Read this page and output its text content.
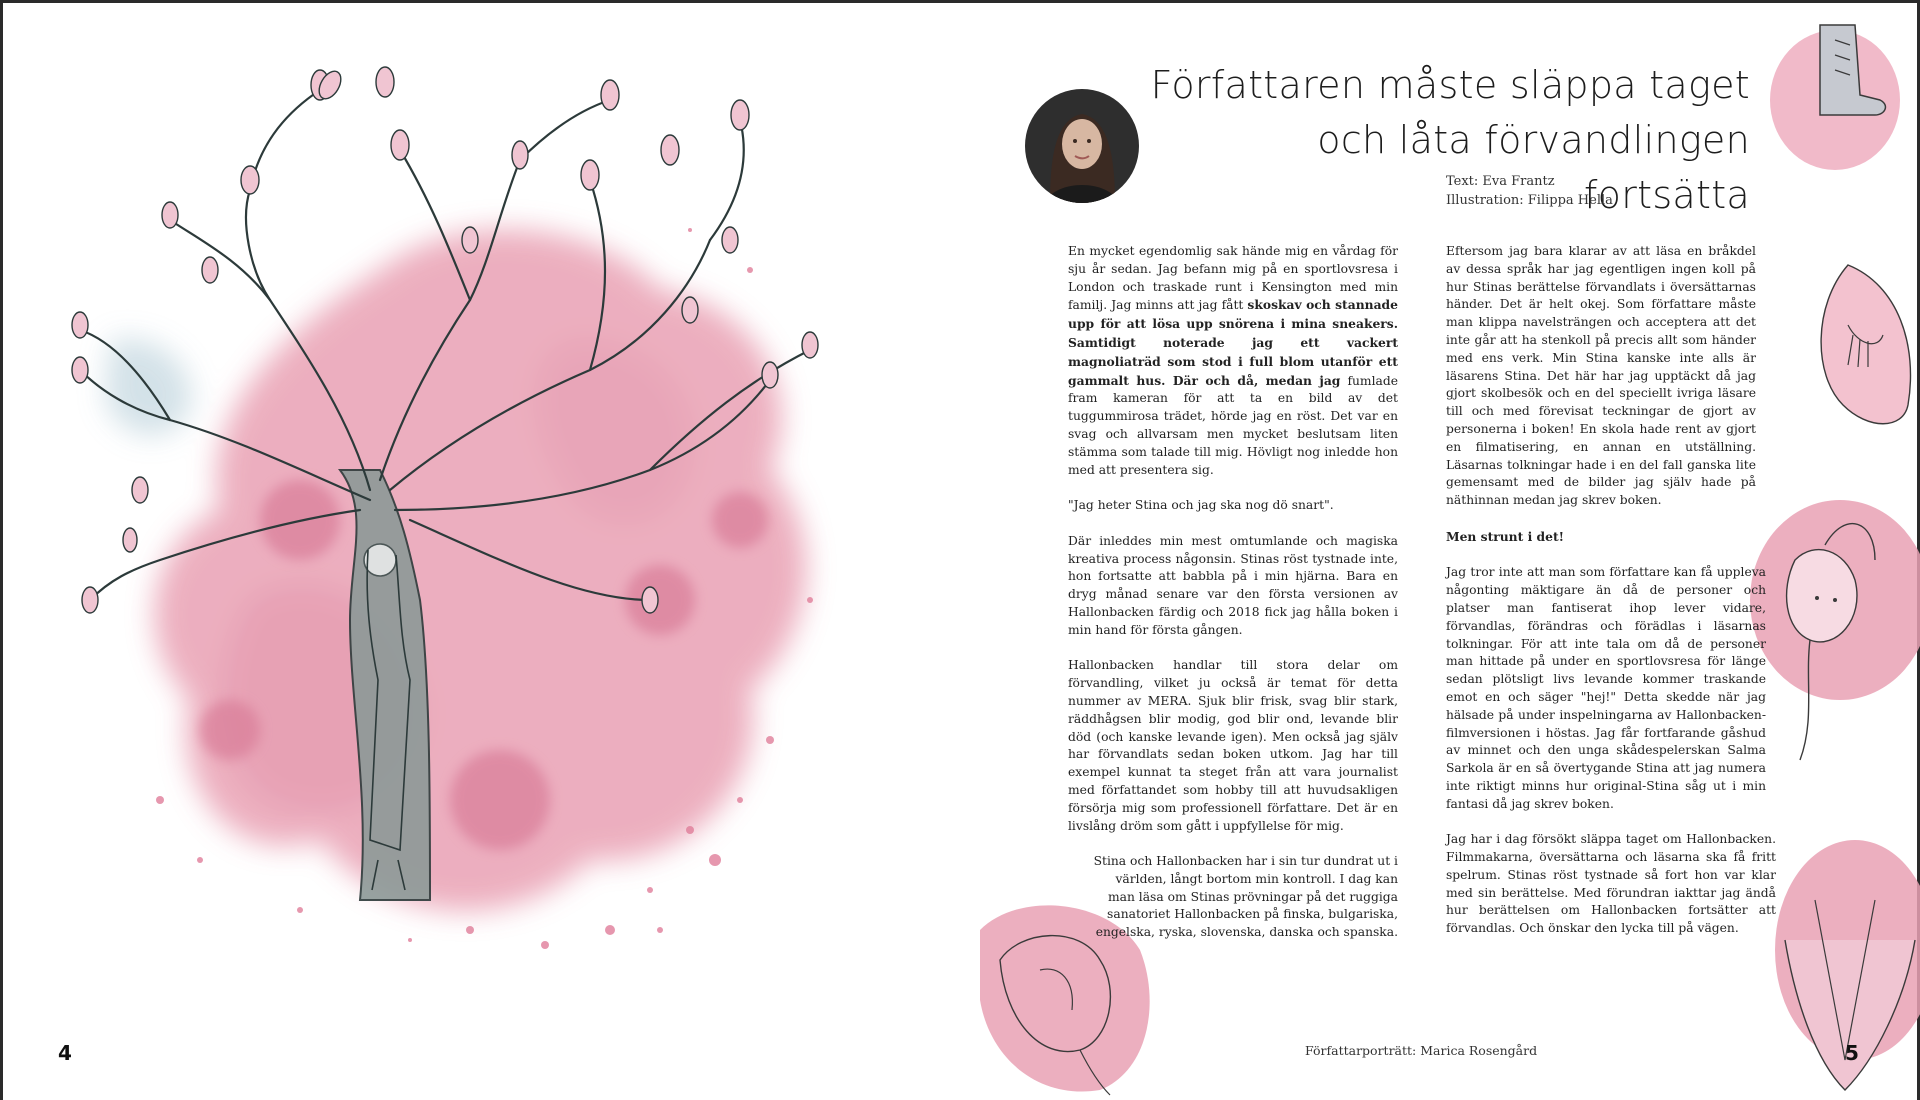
4
Författaren måste släppa taget
och låta förvandlingen fortsätta
Text: Eva Frantz
Illustration: Filippa Hella

En mycket egendomlig sak hände mig en vårdag för sju år sedan. Jag befann mig på en sportlovsresa i London och traskade runt i Kensington med min familj. Jag minns att jag fått skoskav och stannade upp för att lösa upp snörena i mina sneakers. Samtidigt noterade jag ett vackert magnoliaträd som stod i full blom utanför ett gammalt hus. Där och då, medan jag fumlade fram kameran för att ta en bild av det tuggummirosa trädet, hörde jag en röst. Det var en svag och allvarsam men mycket beslutsam liten stämma som talade till mig. Hövligt nog inledde hon med att presentera sig.

"Jag heter Stina och jag ska nog dö snart".

Där inleddes min mest omtumlande och magiska kreativa process någonsin. Stinas röst tystnade inte, hon fortsatte att babbla på i min hjärna. Bara en dryg månad senare var den första versionen av Hallonbacken färdig och 2018 fick jag hålla boken i min hand för första gången.

Hallonbacken handlar till stora delar om förvandling, vilket ju också är temat för detta nummer av MERA. Sjuk blir frisk, svag blir stark, räddhågsen blir modig, god blir ond, levande blir död (och kanske levande igen). Men också jag själv har förvandlats sedan boken utkom. Jag har till exempel kunnat ta steget från att vara journalist med författandet som hobby till att huvudsakligen försörja mig som professionell författare. Det är en livslång dröm som gått i uppfyllelse för mig.

Stina och Hallonbacken har i sin tur dundrat ut i världen, långt bortom min kontroll. I dag kan man läsa om Stinas prövningar på det ruggiga sanatoriet Hallonbacken på finska, bulgariska, engelska, ryska, slovenska, danska och spanska.

Eftersom jag bara klarar av att läsa en bråkdel av dessa språk har jag egentligen ingen koll på hur Stinas berättelse förvandlats i översättarnas händer. Det är helt okej. Som författare måste man klippa navelsträngen och acceptera att det inte går att ha stenkoll på precis allt som händer med ens verk. Min Stina kanske inte alls är läsarens Stina. Det här har jag upptäckt då jag gjort skolbesök och en del speciellt ivriga läsare till och med förevisat teckningar de gjort av personerna i boken! En skola hade rent av gjort en filmatisering, en annan en utställning. Läsarnas tolkningar hade i en del fall ganska lite gemensamt med de bilder jag själv hade på näthinnan medan jag skrev boken.

Men strunt i det!

Jag tror inte att man som författare kan få uppleva någonting mäktigare än då de personer och platser man fantiserat ihop lever vidare, förvandlas, förändras och förädlas i läsarnas tolkningar. För att inte tala om då de personer man hittade på under en sportlovsresa för länge sedan plötsligt livs levande kommer traskande emot en och säger "hej!" Detta skedde när jag hälsade på under inspelningarna av Hallonbacken-filmversionen i höstas. Jag får fortfarande gåshud av minnet och den unga skådespelerskan Salma Sarkola är en så övertygande Stina att jag numera inte riktigt minns hur original-Stina såg ut i min fantasi då jag skrev boken.

Jag har i dag försökt släppa taget om Hallonbacken. Filmmakarna, översättarna och läsarna ska få fritt spelrum. Stinas röst tystnade så fort hon var klar med sin berättelse. Med förundran iakttar jag ändå hur berättelsen om Hallonbacken fortsätter att förvandlas. Och önskar den lycka till på vägen.

Författarporträtt: Marica Rosengård	5
